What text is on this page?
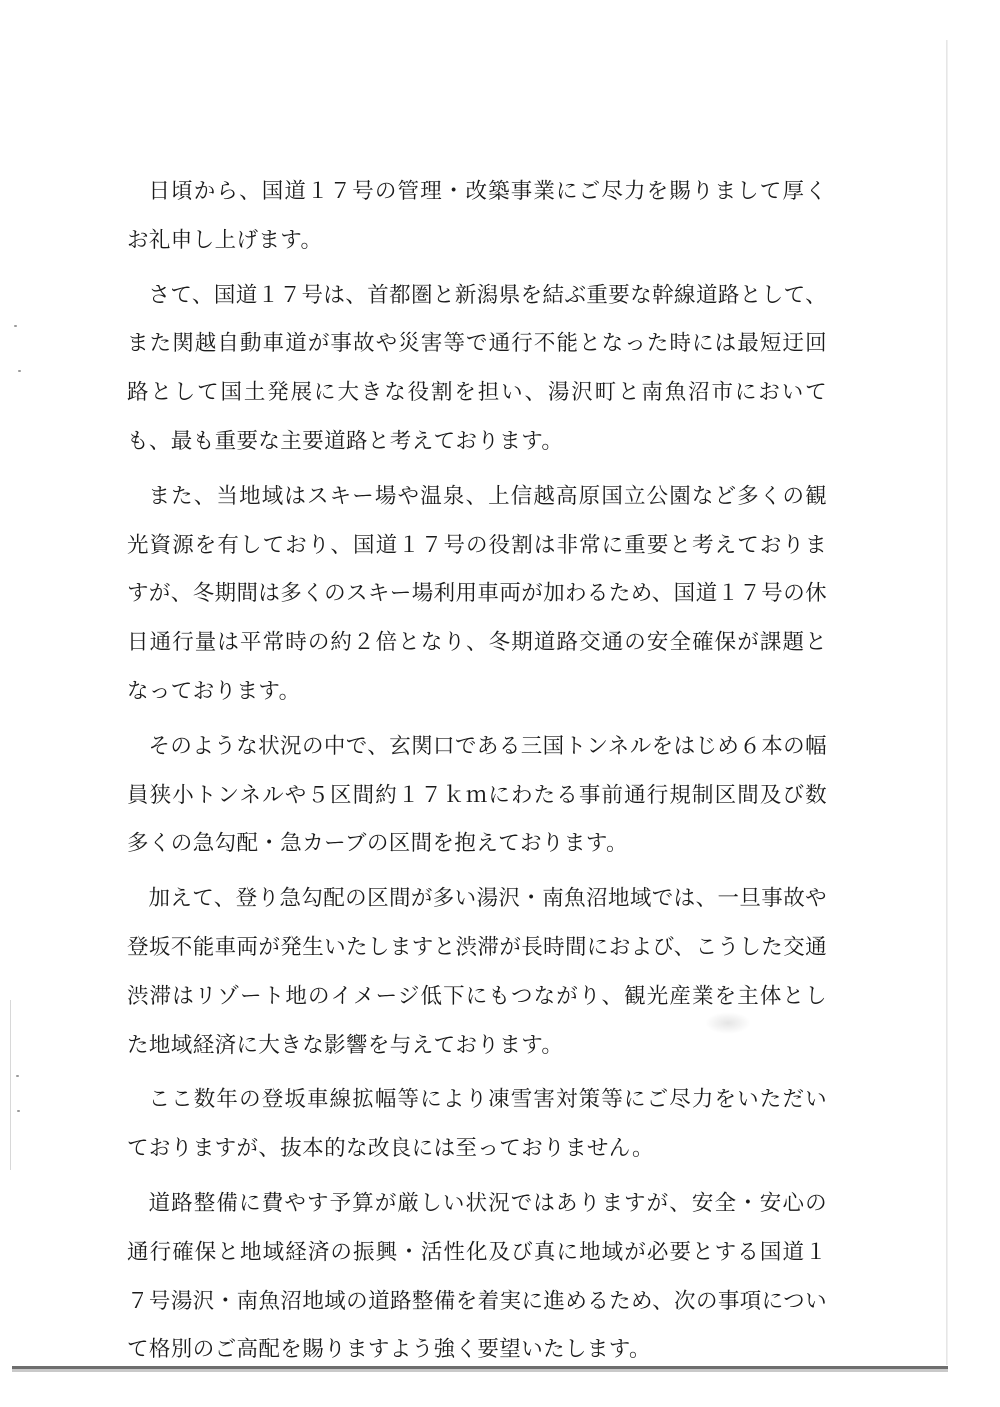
日頃から、国道１７号の管理・改築事業にご尽力を賜りまして厚くお礼申し上げます。

さて、国道１７号は、首都圏と新潟県を結ぶ重要な幹線道路として、また関越自動車道が事故や災害等で通行不能となった時には最短迂回路として国土発展に大きな役割を担い、湯沢町と南魚沼市においても、最も重要な主要道路と考えております。

また、当地域はスキー場や温泉、上信越高原国立公園など多くの観光資源を有しており、国道１７号の役割は非常に重要と考えておりますが、冬期間は多くのスキー場利用車両が加わるため、国道１７号の休日通行量は平常時の約２倍となり、冬期道路交通の安全確保が課題となっております。

そのような状況の中で、玄関口である三国トンネルをはじめ６本の幅員狭小トンネルや５区間約１７ｋｍにわたる事前通行規制区間及び数多くの急勾配・急カーブの区間を抱えております。

加えて、登り急勾配の区間が多い湯沢・南魚沼地域では、一旦事故や登坂不能車両が発生いたしますと渋滞が長時間におよび、こうした交通渋滞はリゾート地のイメージ低下にもつながり、観光産業を主体とした地域経済に大きな影響を与えております。

ここ数年の登坂車線拡幅等により凍雪害対策等にご尽力をいただいておりますが、抜本的な改良には至っておりません。

道路整備に費やす予算が厳しい状況ではありますが、安全・安心の通行確保と地域経済の振興・活性化及び真に地域が必要とする国道１７号湯沢・南魚沼地域の道路整備を着実に進めるため、次の事項について格別のご高配を賜りますよう強く要望いたします。
